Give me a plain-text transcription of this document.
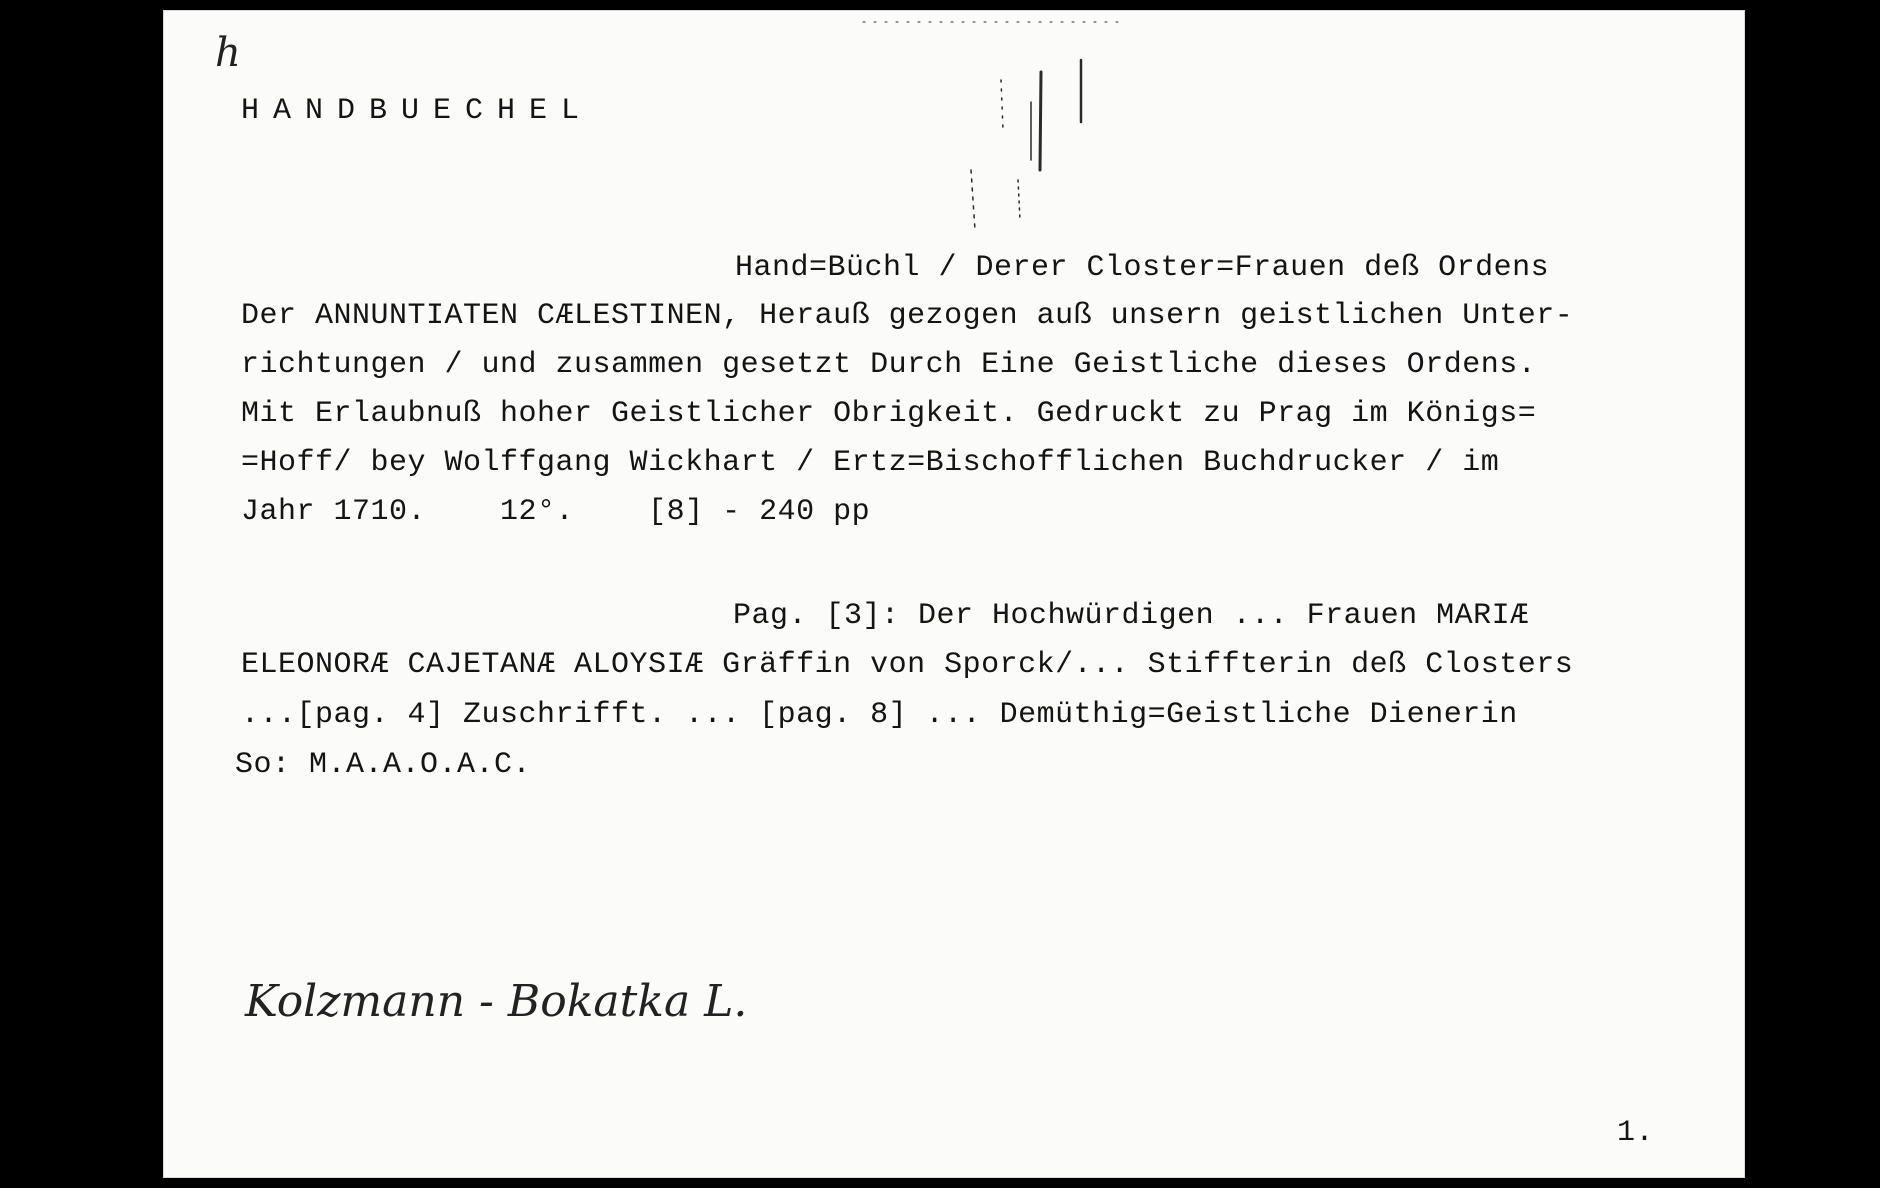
h
HANDBUECHEL
Hand=Büchl / Derer Closter=Frauen deß Ordens
Der ANNUNTIATEN CÆLESTINEN, Herauß gezogen auß unsern geistlichen Unter-
richtungen / und zusammen gesetzt Durch Eine Geistliche dieses Ordens.
Mit Erlaubnuß hoher Geistlicher Obrigkeit. Gedruckt zu Prag im Königs=
=Hoff/ bey Wolffgang Wickhart / Ertz=Bischofflichen Buchdrucker / im
Jahr 1710.    12°.    [8] - 240 pp
Pag. [3]: Der Hochwürdigen ... Frauen MARIÆ
ELEONORÆ CAJETANÆ ALOYSIÆ Gräffin von Sporck/... Stiffterin deß Closters
...[pag. 4] Zuschrifft. ... [pag. 8] ... Demüthig=Geistliche Dienerin
So: M.A.A.O.A.C.
Kolzmann - Bokatka L.
1.
